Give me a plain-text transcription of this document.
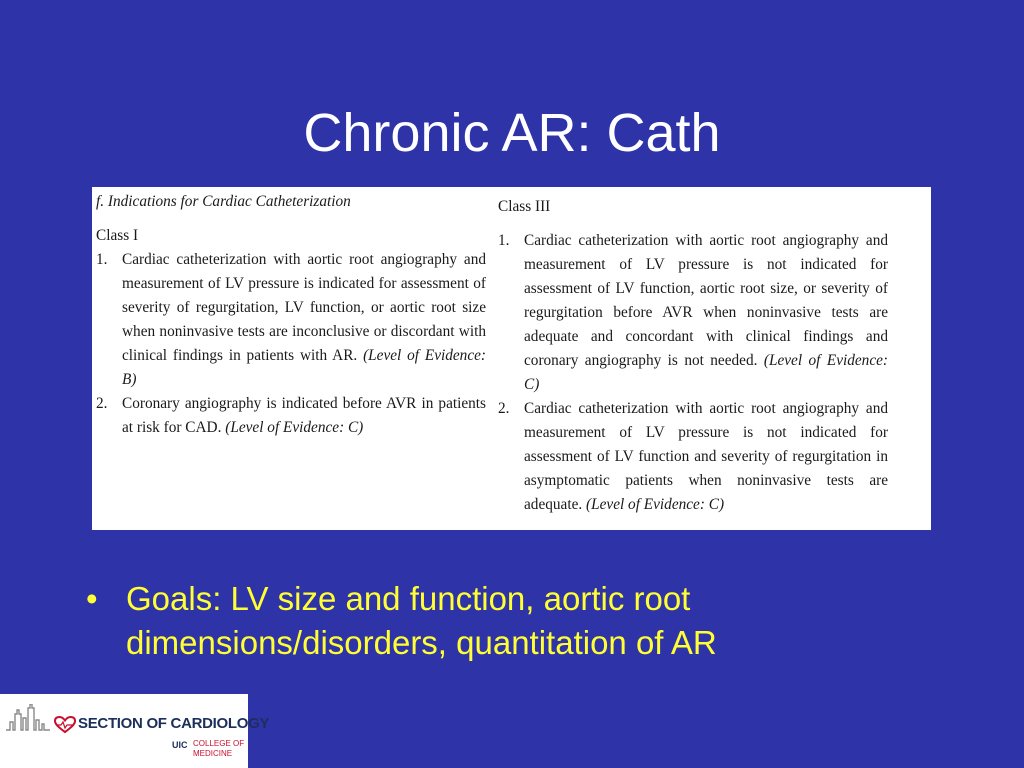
Chronic AR: Cath
f. Indications for Cardiac Catheterization
Class I
1. Cardiac catheterization with aortic root angiography and measurement of LV pressure is indicated for assessment of severity of regurgitation, LV function, or aortic root size when noninvasive tests are inconclusive or discordant with clinical findings in patients with AR. (Level of Evidence: B)
2. Coronary angiography is indicated before AVR in patients at risk for CAD. (Level of Evidence: C)
Class III
1. Cardiac catheterization with aortic root angiography and measurement of LV pressure is not indicated for assessment of LV function, aortic root size, or severity of regurgitation before AVR when noninvasive tests are adequate and concordant with clinical findings and coronary angiography is not needed. (Level of Evidence: C)
2. Cardiac catheterization with aortic root angiography and measurement of LV pressure is not indicated for assessment of LV function and severity of regurgitation in asymptomatic patients when noninvasive tests are adequate. (Level of Evidence: C)
• Goals: LV size and function, aortic root dimensions/disorders, quantitation of AR
SECTION OF CARDIOLOGY
UIC COLLEGE OF MEDICINE
